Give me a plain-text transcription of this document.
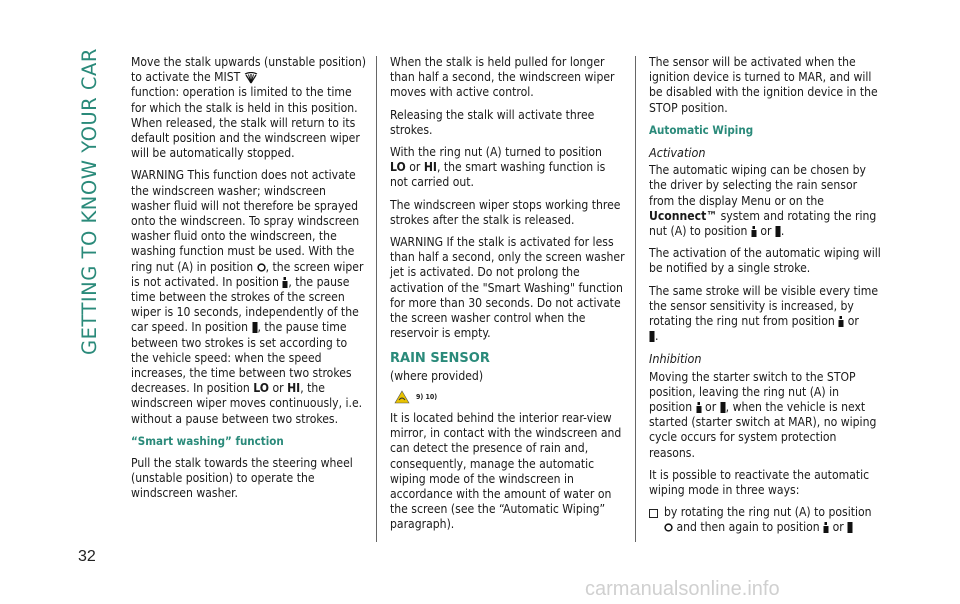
GETTING TO KNOW YOUR CAR	Move the stalk upwards (unstable position) to activate the MIST
function: operation is limited to the time for which the stalk is held in this position. When released, the stalk will return to its default position and the windscreen wiper will be automatically stopped.

WARNING This function does not activate the windscreen washer; windscreen washer fluid will not therefore be sprayed onto the windscreen. To spray windscreen washer fluid onto the windscreen, the washing function must be used. With the ring nut (A) in position , the screen wiper is not activated. In position , the pause time between the strokes of the screen wiper is 10 seconds, independently of the car speed. In position , the pause time between two strokes is set according to the vehicle speed: when the speed increases, the time between two strokes decreases. In position LO or HI, the windscreen wiper moves continuously, i.e. without a pause between two strokes.

“Smart washing” function

Pull the stalk towards the steering wheel (unstable position) to operate the windscreen washer.

When the stalk is held pulled for longer than half a second, the windscreen wiper moves with active control.

Releasing the stalk will activate three strokes.

With the ring nut (A) turned to position
LO or HI, the smart washing function is not carried out.

The windscreen wiper stops working three strokes after the stalk is released.

WARNING If the stalk is activated for less than half a second, only the screen washer jet is activated. Do not prolong the activation of the "Smart Washing" function for more than 30 seconds. Do not activate the screen washer control when the reservoir is empty.

RAIN SENSOR
(where provided)
9) 10)

It is located behind the interior rear-view mirror, in contact with the windscreen and can detect the presence of rain and, consequently, manage the automatic wiping mode of the windscreen in accordance with the amount of water on the screen (see the “Automatic Wiping” paragraph).

The sensor will be activated when the ignition device is turned to MAR, and will be disabled with the ignition device in the STOP position.

Automatic Wiping
Activation

The automatic wiping can be chosen by the driver by selecting the rain sensor from the display Menu or on the Uconnect™ system and rotating the ring nut (A) to position or .

The activation of the automatic wiping will be notified by a single stroke.

The same stroke will be visible every time the sensor sensitivity is increased, by rotating the ring nut from position or
.

Inhibition

Moving the starter switch to the STOP position, leaving the ring nut (A) in position or , when the vehicle is next started (starter switch at MAR), no wiping cycle occurs for system protection reasons.

It is possible to reactivate the automatic wiping mode in three ways:

by rotating the ring nut (A) to position
and then again to position or
32
carmanualsonline.info
